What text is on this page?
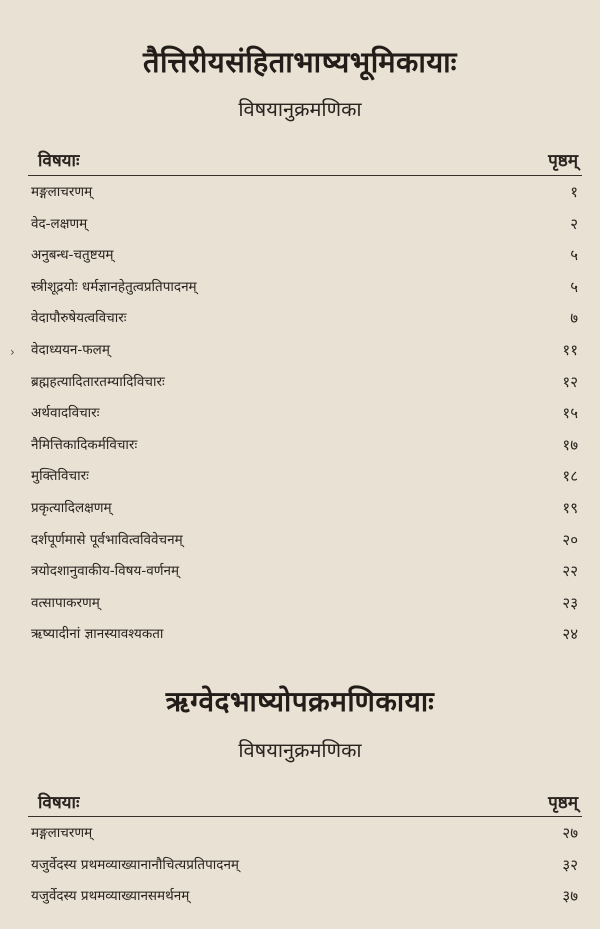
तैत्तिरीयसंहिताभाष्यभूमिकायाः
विषयानुक्रमणिका
विषयाः	पृष्ठम्
मङ्गलाचरणम्	१
वेद-लक्षणम्	२
अनुबन्ध-चतुष्टयम्	५
स्त्रीशूद्रयोः धर्मज्ञानहेतुत्वप्रतिपादनम्	५
वेदापौरुषेयत्वविचारः	७
वेदाध्ययन-फलम्	११
ब्रह्महत्यादितारतम्यादिविचारः	१२
अर्थवादविचारः	१५
नैमित्तिकादिकर्मविचारः	१७
मुक्तिविचारः	१८
प्रकृत्यादिलक्षणम्	१९
दर्शपूर्णमासे पूर्वभावित्वविवेचनम्	२०
त्रयोदशानुवाकीय-विषय-वर्णनम्	२२
वत्सापाकरणम्	२३
ऋष्यादीनां ज्ञानस्यावश्यकता	२४
ऋग्वेदभाष्योपक्रमणिकायाः
विषयानुक्रमणिका
विषयाः	पृष्ठम्
मङ्गलाचरणम्	२७
यजुर्वेदस्य प्रथमव्याख्यानानौचित्यप्रतिपादनम्	३२
यजुर्वेदस्य प्रथमव्याख्यानसमर्थनम्	३७
›
